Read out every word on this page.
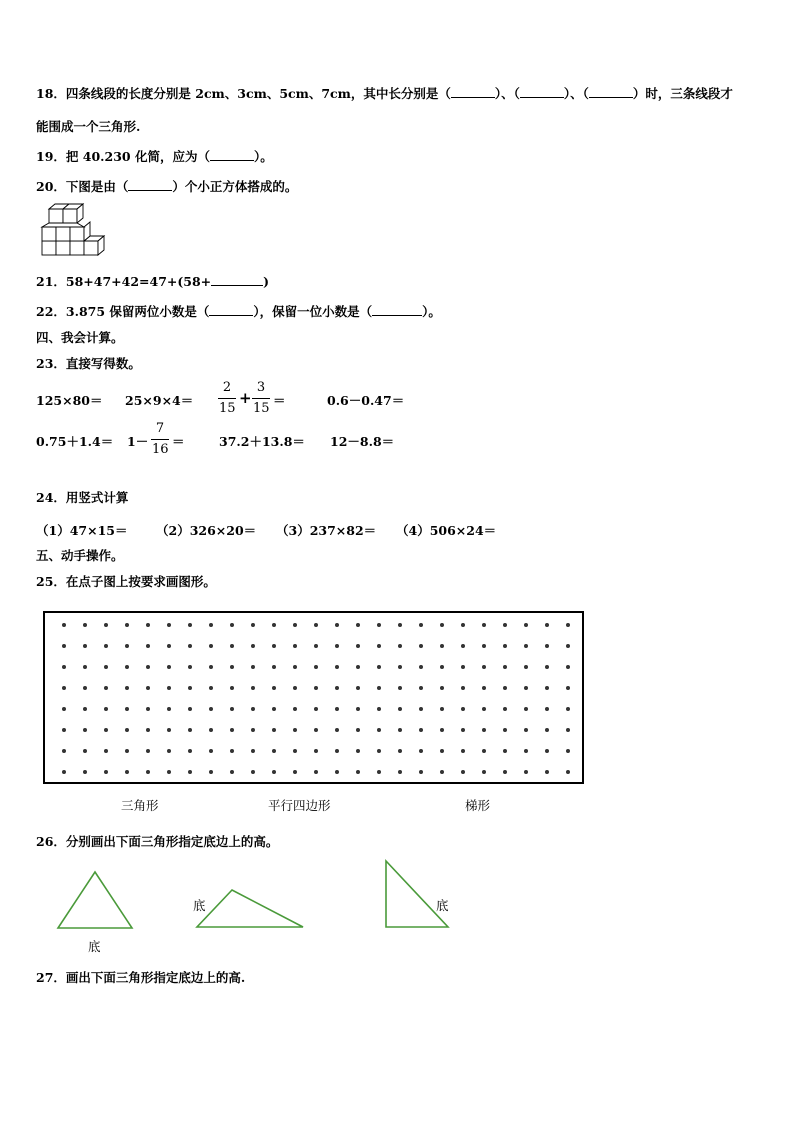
18．四条线段的长度分别是 2cm、3cm、5cm、7cm，其中长分别是（	）、（	）、（	）时，三条线段才
能围成一个三角形.
19．把 40.230 化简，应为（	）。
20．下图是由（	）个小正方体搭成的。
21．58+47+42=47+(58+	)
22．3.875 保留两位小数是（	），保留一位小数是（	）。
四、我会计算。
23．直接写得数。
125×80＝ 25×9×4＝
2
15
+
3
15
＝	0.6－0.47＝
0.75＋1.4＝ 1－
7
16
＝	37.2＋13.8＝ 12－8.8＝
24．用竖式计算
（1）47×15＝ （2）326×20＝ （3）237×82＝ （4）506×24＝
五、动手操作。
25．在点子图上按要求画图形。
三角形	平行四边形	梯形
26．分别画出下面三角形指定底边上的高。
底
底	底
27．画出下面三角形指定底边上的高.
